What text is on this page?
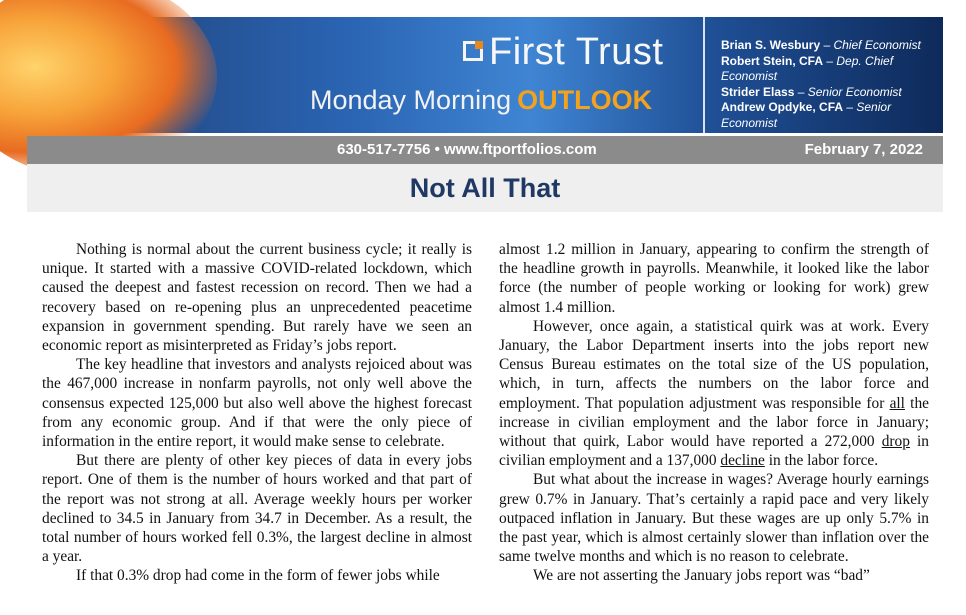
First Trust
Monday Morning OUTLOOK
Brian S. Wesbury – Chief Economist
Robert Stein, CFA – Dep. Chief Economist
Strider Elass – Senior Economist
Andrew Opdyke, CFA – Senior Economist
630-517-7756 • www.ftportfolios.com	February 7, 2022
Not All That

Nothing is normal about the current business cycle; it really is unique. It started with a massive COVID-related lockdown, which caused the deepest and fastest recession on record. Then we had a recovery based on re-opening plus an unprecedented peacetime expansion in government spending. But rarely have we seen an economic report as misinterpreted as Friday’s jobs report.

The key headline that investors and analysts rejoiced about was the 467,000 increase in nonfarm payrolls, not only well above the consensus expected 125,000 but also well above the highest forecast from any economic group. And if that were the only piece of information in the entire report, it would make sense to celebrate.

But there are plenty of other key pieces of data in every jobs report. One of them is the number of hours worked and that part of the report was not strong at all. Average weekly hours per worker declined to 34.5 in January from 34.7 in December. As a result, the total number of hours worked fell 0.3%, the largest decline in almost a year.

If that 0.3% drop had come in the form of fewer jobs while

almost 1.2 million in January, appearing to confirm the strength of the headline growth in payrolls. Meanwhile, it looked like the labor force (the number of people working or looking for work) grew almost 1.4 million.

However, once again, a statistical quirk was at work. Every January, the Labor Department inserts into the jobs report new Census Bureau estimates on the total size of the US population, which, in turn, affects the numbers on the labor force and employment. That population adjustment was responsible for all the increase in civilian employment and the labor force in January; without that quirk, Labor would have reported a 272,000 drop in civilian employment and a 137,000 decline in the labor force.

But what about the increase in wages? Average hourly earnings grew 0.7% in January. That’s certainly a rapid pace and very likely outpaced inflation in January. But these wages are up only 5.7% in the past year, which is almost certainly slower than inflation over the same twelve months and which is no reason to celebrate.

We are not asserting the January jobs report was “bad”
